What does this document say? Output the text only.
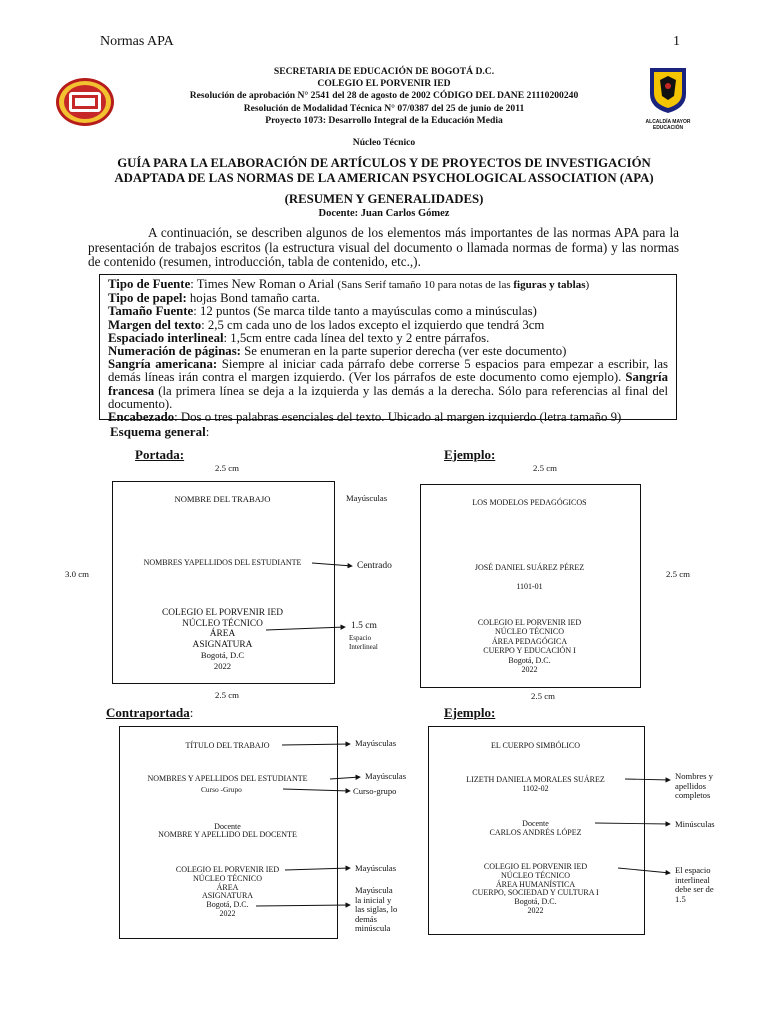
Normas APA	1
ALCALDÍA MAYOR
EDUCACIÓN
SECRETARIA DE EDUCACIÓN DE BOGOTÁ D.C.
COLEGIO EL PORVENIR IED
Resolución de aprobación N° 2541 del 28 de agosto de 2002 CÓDIGO DEL DANE 21110200240
Resolución de Modalidad Técnica N° 07/0387 del 25 de junio de 2011
Proyecto 1073: Desarrollo Integral de la Educación Media
Núcleo Técnico
GUÍA PARA LA ELABORACIÓN DE ARTÍCULOS Y DE PROYECTOS DE INVESTIGACIÓN
ADAPTADA DE LAS NORMAS DE LA AMERICAN PSYCHOLOGICAL ASSOCIATION (APA)
(RESUMEN Y GENERALIDADES)
Docente: Juan Carlos Gómez
A continuación, se describen algunos de los elementos más importantes de las normas APA para la presentación de trabajos escritos (la estructura visual del documento o llamada normas de forma) y las normas de contenido (resumen, introducción, tabla de contenido, etc.,).
Tipo de Fuente: Times New Roman o Arial (Sans Serif tamaño 10 para notas de las figuras y tablas)
Tipo de papel: hojas Bond tamaño carta.
Tamaño Fuente: 12 puntos (Se marca tilde tanto a mayúsculas como a minúsculas)
Margen del texto: 2,5 cm cada uno de los lados excepto el izquierdo que tendrá 3cm
Espaciado interlineal: 1,5cm entre cada línea del texto y 2 entre párrafos.
Numeración de páginas: Se enumeran en la parte superior derecha (ver este documento)
Sangría americana: Siempre al iniciar cada párrafo debe correrse 5 espacios para empezar a escribir, las demás líneas irán contra el margen izquierdo. (Ver los párrafos de este documento como ejemplo). Sangría francesa (la primera línea se deja a la izquierda y las demás a la derecha. Sólo para referencias al final del documento).
Encabezado: Dos o tres palabras esenciales del texto. Ubicado al margen izquierdo (letra tamaño 9)
Esquema general:
Portada:	Ejemplo:
Contraportada:	Ejemplo:
2.5 cm
NOMBRE DEL TRABAJO
NOMBRES YAPELLIDOS DEL ESTUDIANTE
COLEGIO EL PORVENIR IED
NÚCLEO TÉCNICO
ÁREA
ASIGNATURA
Bogotá, D.C
2022
Mayúsculas
Centrado
1.5 cm
Espacio
Interlineal
3.0 cm
2.5 cm
2.5 cm
LOS MODELOS PEDAGÓGICOS
JOSÉ DANIEL SUÁREZ PÉREZ
1101-01
COLEGIO EL PORVENIR IED
NÚCLEO TÉCNICO
ÁREA PEDAGÓGICA
CUERPO Y EDUCACIÓN I
Bogotá, D.C.
2022
2.5 cm
2.5 cm
TÍTULO DEL TRABAJO
NOMBRES Y APELLIDOS DEL ESTUDIANTE
Curso -Grupo
Docente
NOMBRE Y APELLIDO DEL DOCENTE
COLEGIO EL PORVENIR IED
NÚCLEO TÉCNICO
ÁREA
ASIGNATURA
Bogotá, D.C.
2022
Mayúsculas
Mayúsculas
Curso-grupo
Mayúsculas
Mayúscula
la inicial y
las siglas, lo
demás
minúscula
EL CUERPO SIMBÓLICO
LIZETH DANIELA MORALES SUÁREZ
1102-02
Docente
CARLOS ANDRÉS LÓPEZ
COLEGIO EL PORVENIR IED
NÚCLEO TÉCNICO
ÁREA HUMANÍSTICA
CUERPO, SOCIEDAD Y CULTURA I
Bogotá, D.C.
2022
Nombres y
apellidos
completos
Minúsculas
El espacio
interlineal
debe ser de
1.5
